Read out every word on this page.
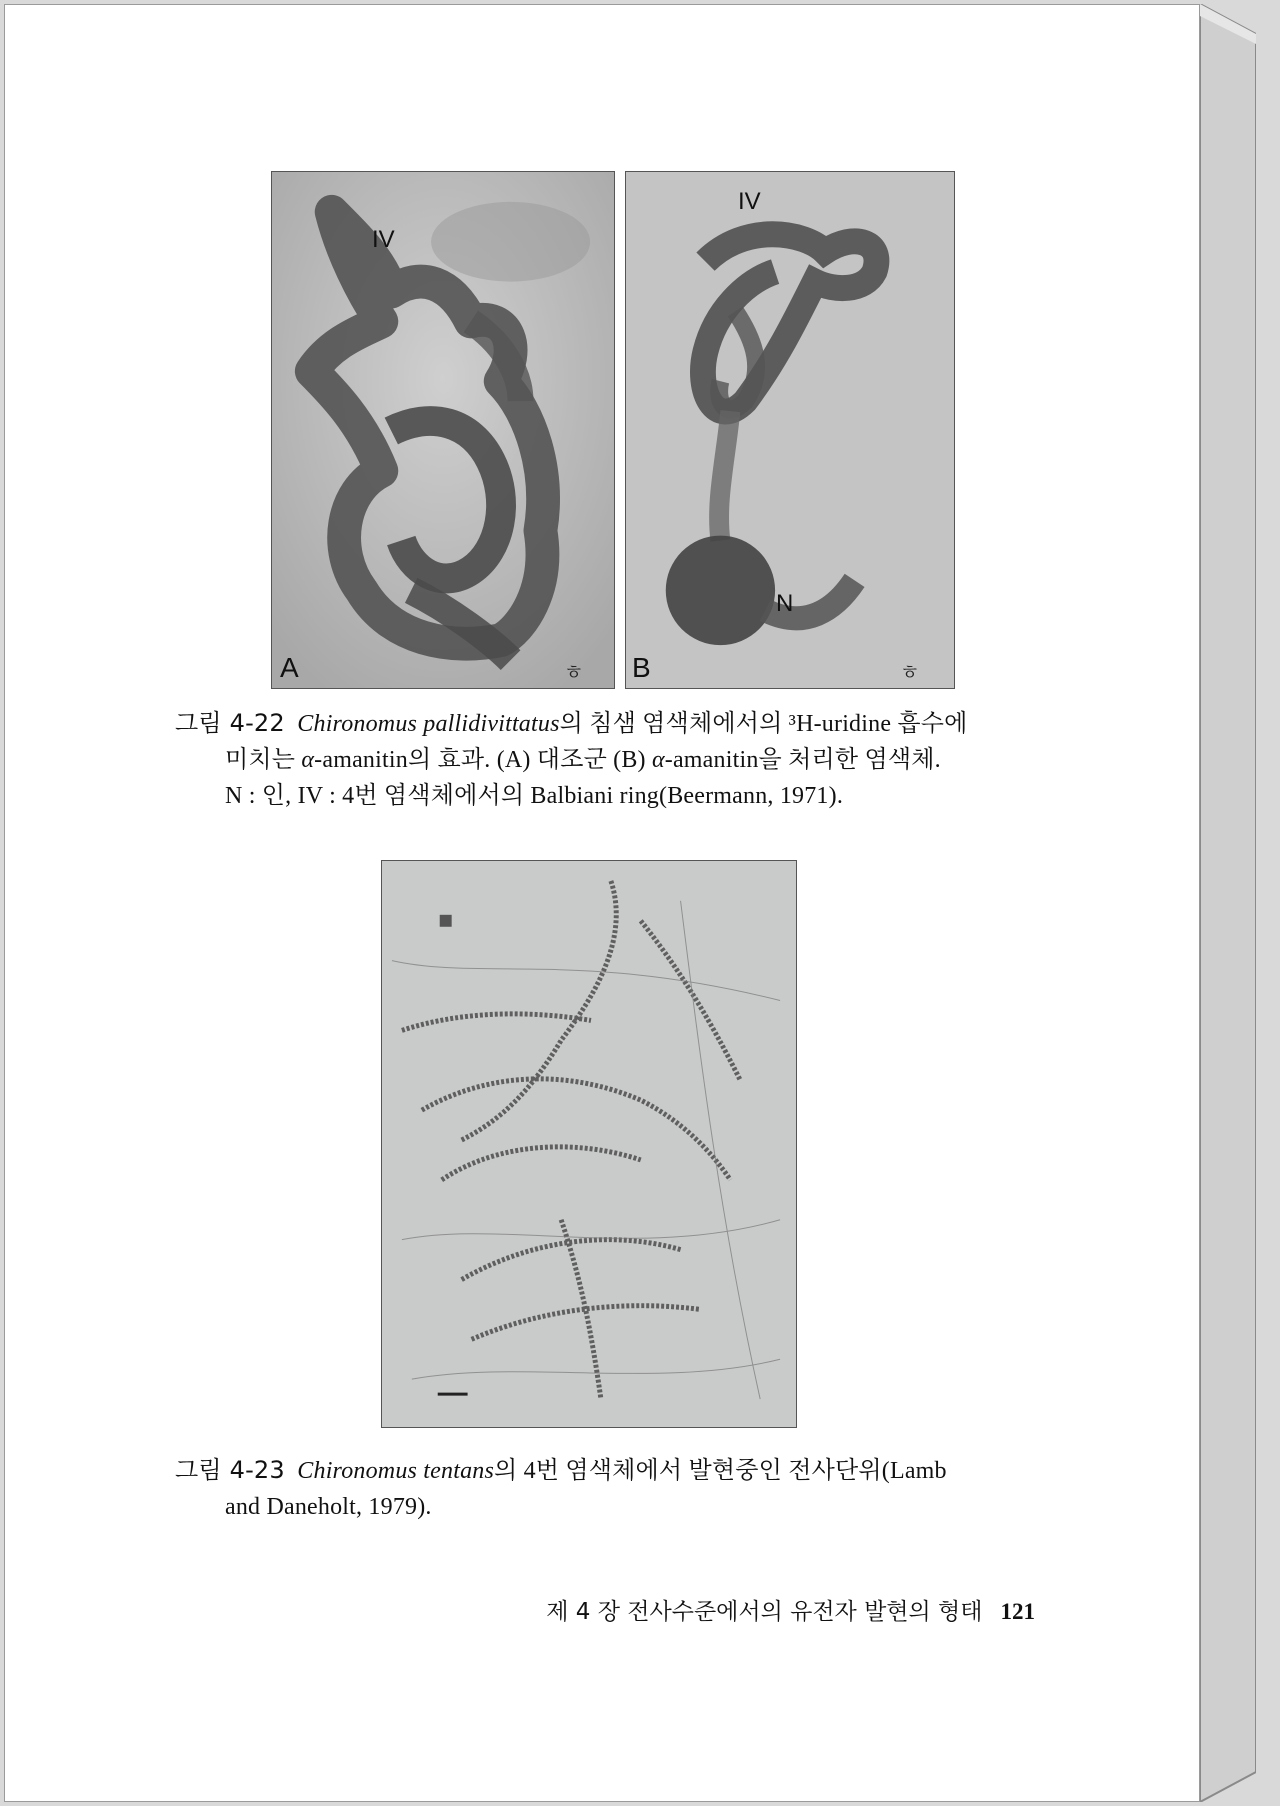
IV
A	ㅎ
IV
N
B	ㅎ
그림 4-22 Chironomus pallidivittatus의 침샘 염색체에서의 ³H-uridine 흡수에
미치는 α-amanitin의 효과. (A) 대조군 (B) α-amanitin을 처리한 염색체.
N : 인, IV : 4번 염색체에서의 Balbiani ring(Beermann, 1971).
그림 4-23 Chironomus tentans의 4번 염색체에서 발현중인 전사단위(Lamb
and Daneholt, 1979).
제 4 장 전사수준에서의 유전자 발현의 형태 121
